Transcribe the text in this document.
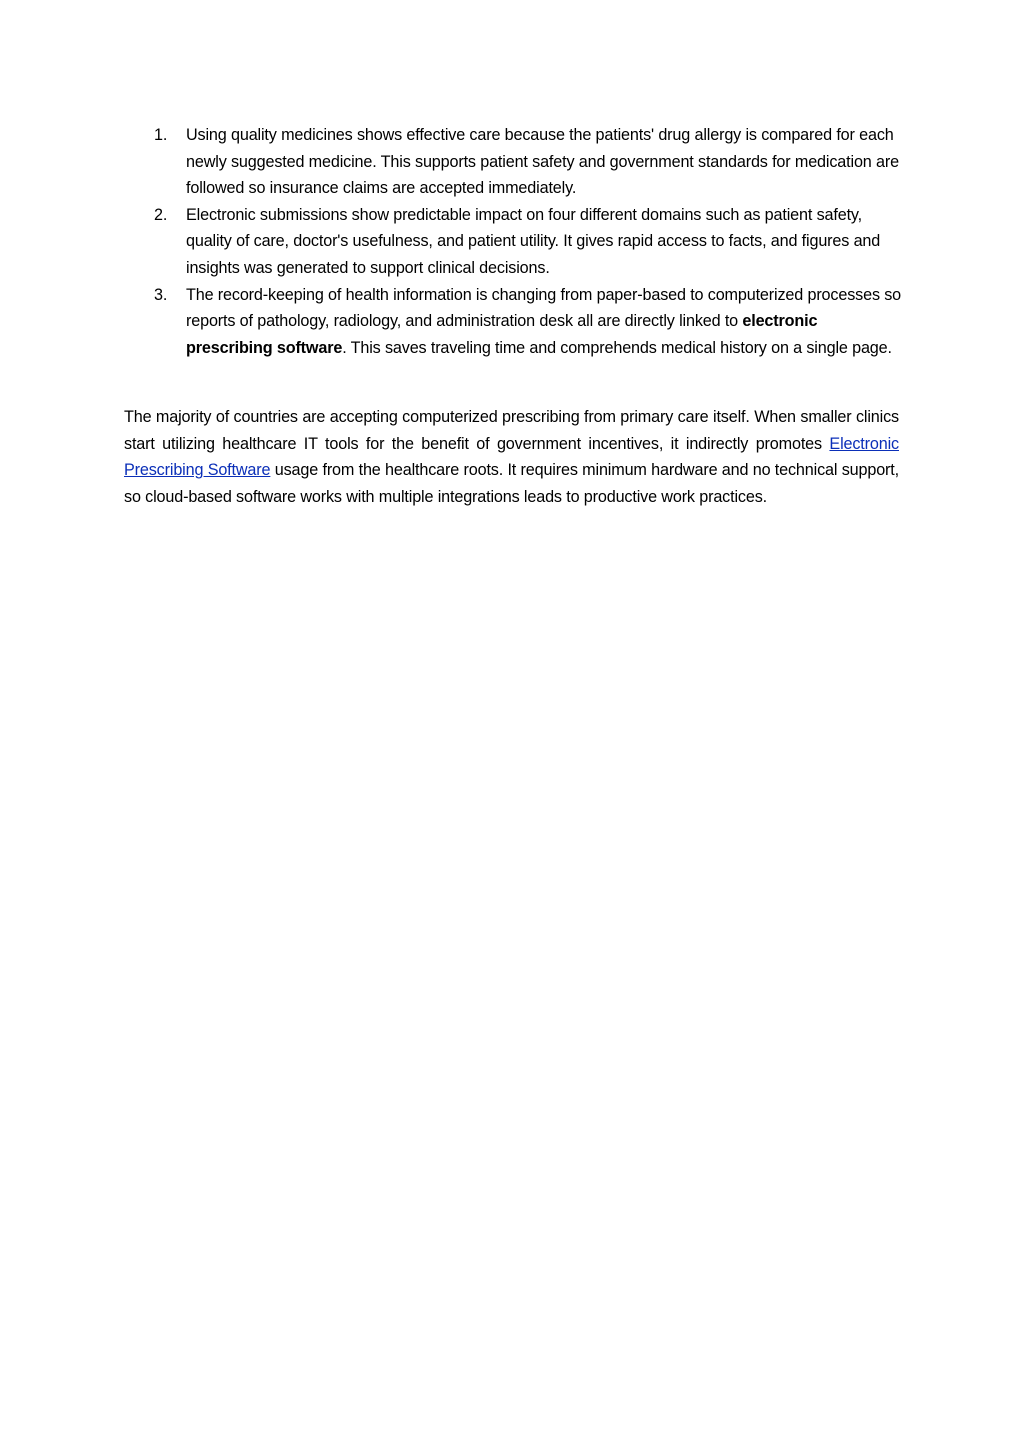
1. Using quality medicines shows effective care because the patients' drug allergy is compared for each newly suggested medicine. This supports patient safety and government standards for medication are followed so insurance claims are accepted immediately.
2. Electronic submissions show predictable impact on four different domains such as patient safety, quality of care, doctor's usefulness, and patient utility. It gives rapid access to facts, and figures and insights was generated to support clinical decisions.
3. The record-keeping of health information is changing from paper-based to computerized processes so reports of pathology, radiology, and administration desk all are directly linked to electronic prescribing software. This saves traveling time and comprehends medical history on a single page.

The majority of countries are accepting computerized prescribing from primary care itself. When smaller clinics start utilizing healthcare IT tools for the benefit of government incentives, it indirectly promotes Electronic Prescribing Software usage from the healthcare roots. It requires minimum hardware and no technical support, so cloud-based software works with multiple integrations leads to productive work practices.
